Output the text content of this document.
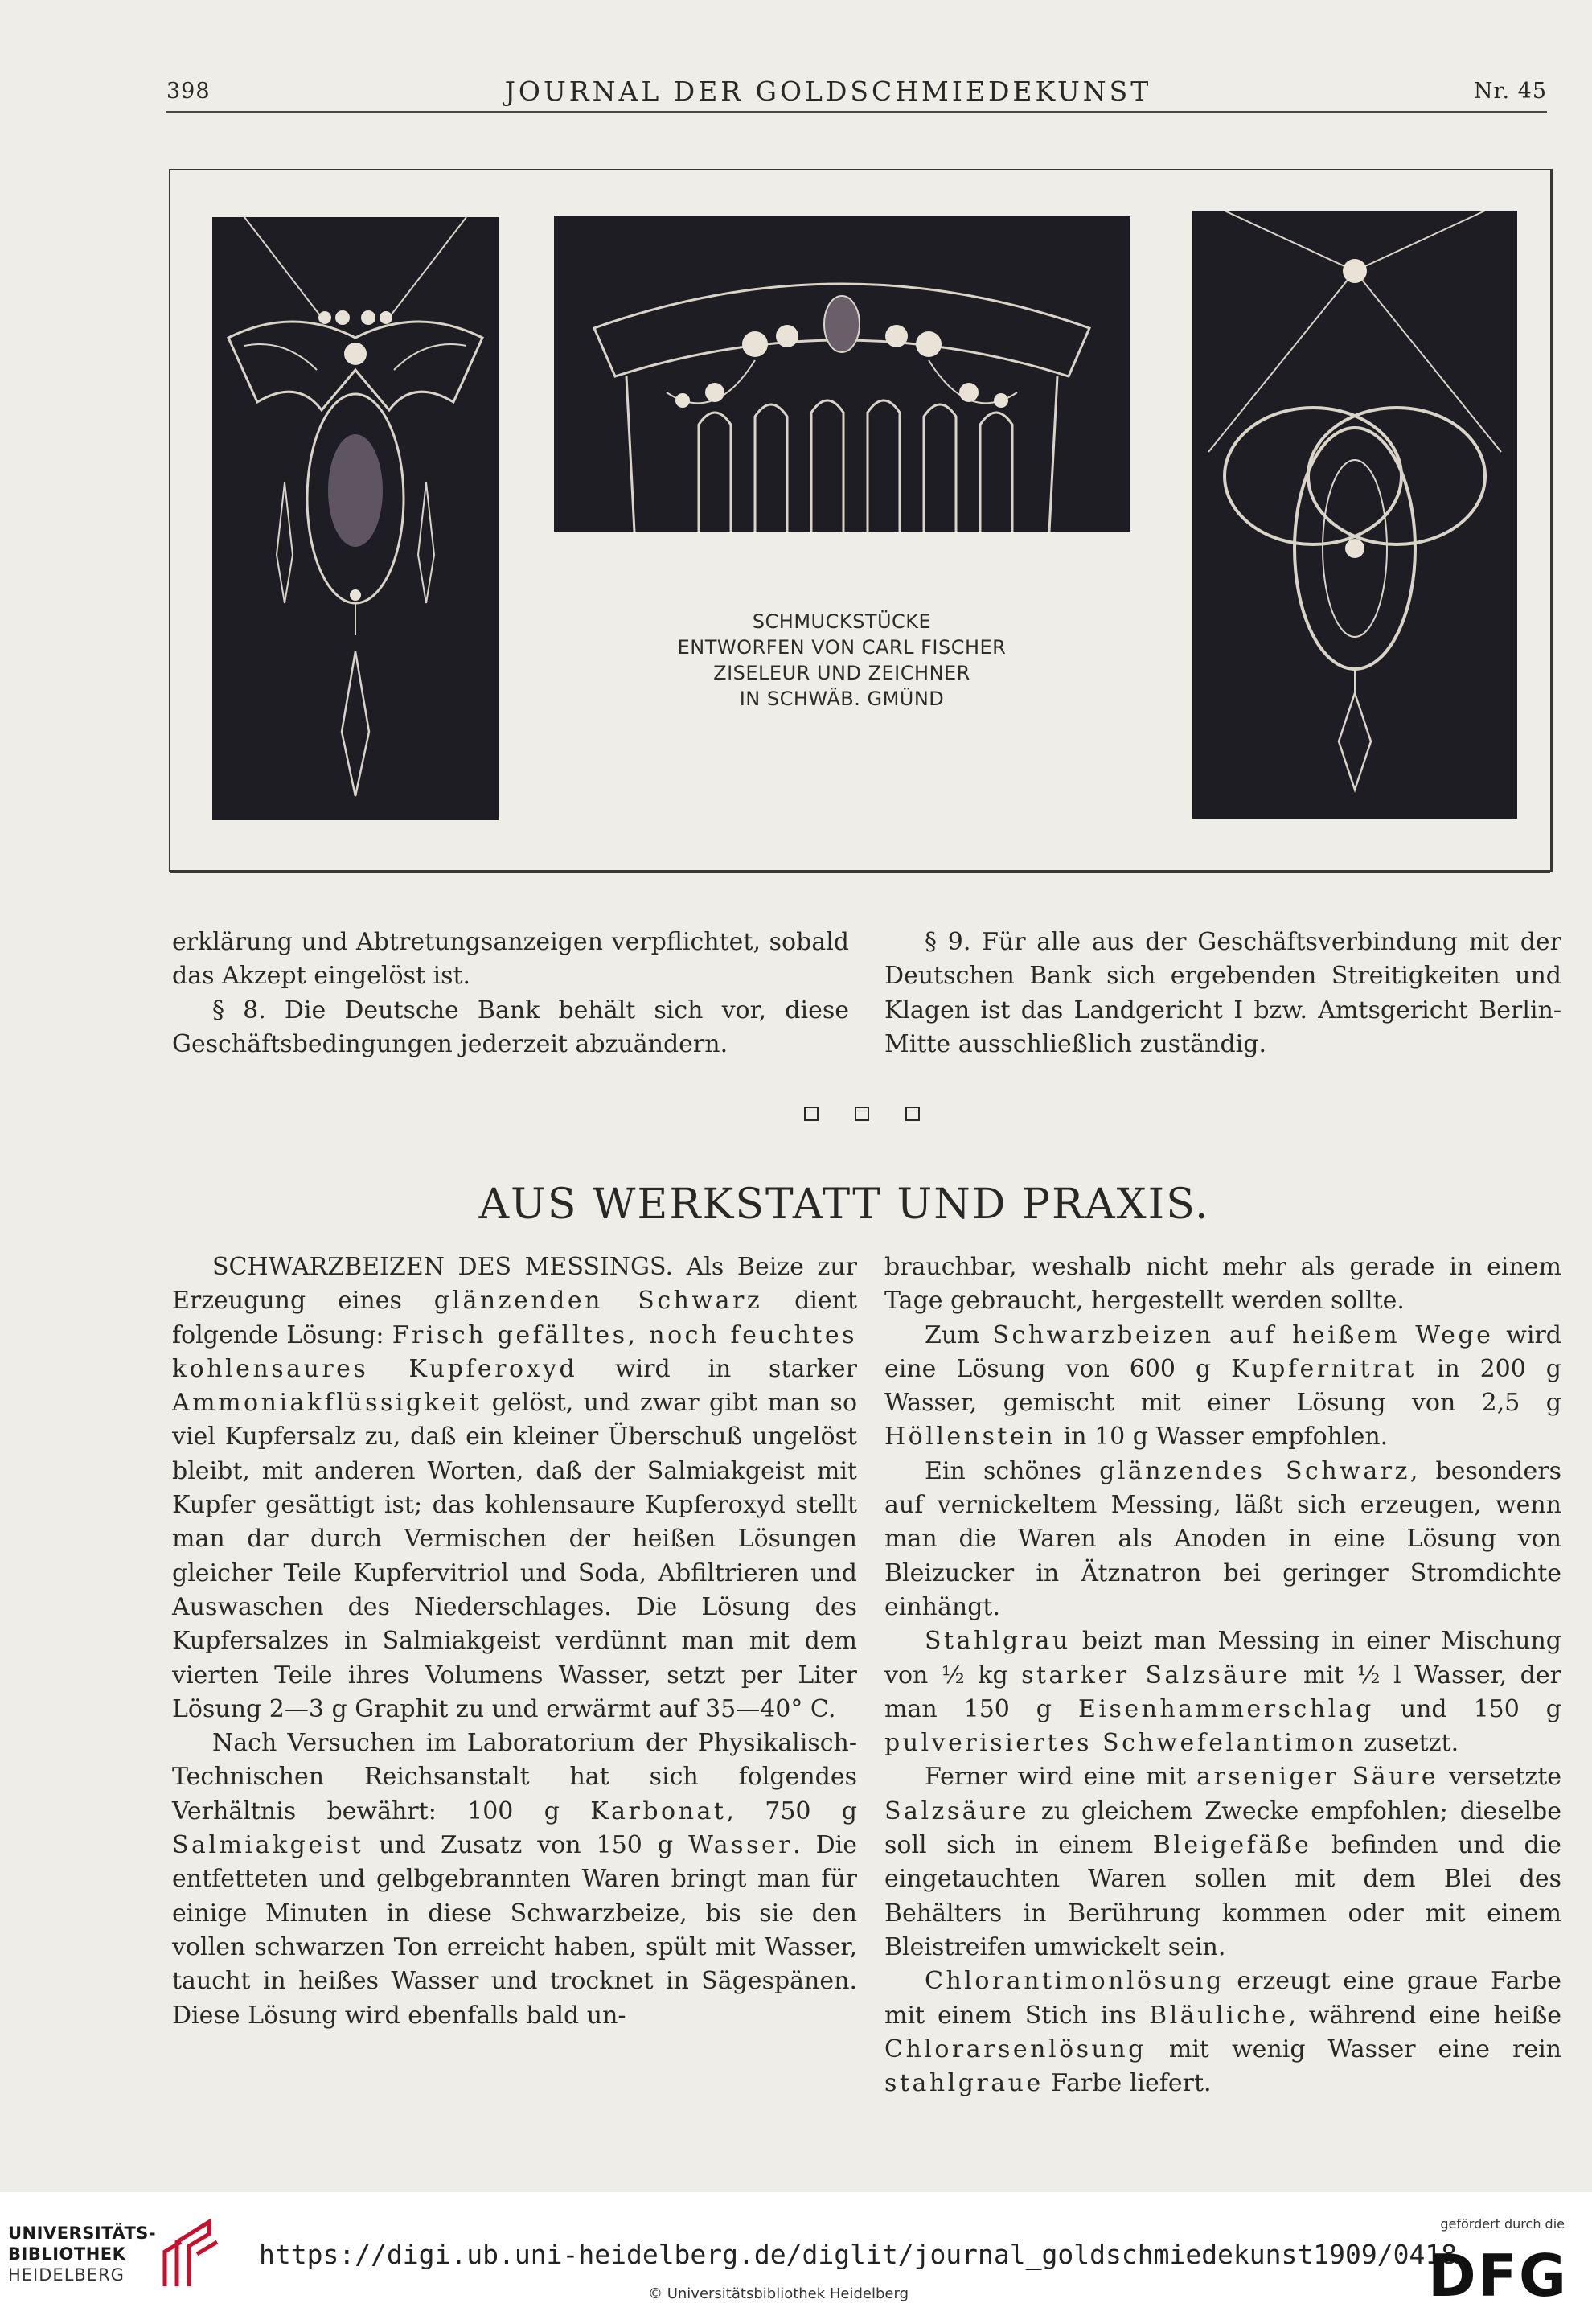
398	JOURNAL DER GOLDSCHMIEDEKUNST	Nr. 45
SCHMUCKSTÜCKE
ENTWORFEN VON CARL FISCHER
ZISELEUR UND ZEICHNER
IN SCHWÄB. GMÜND

erklärung und Abtretungsanzeigen verpflichtet, sobald das Akzept eingelöst ist.

§ 8. Die Deutsche Bank behält sich vor, diese Geschäftsbedingungen jederzeit abzuändern.

§ 9. Für alle aus der Geschäftsverbindung mit der Deutschen Bank sich ergebenden Streitigkeiten und Klagen ist das Landgericht I bzw. Amtsgericht Berlin-Mitte ausschließlich zuständig.

AUS WERKSTATT UND PRAXIS.

SCHWARZBEIZEN DES MESSINGS. Als Beize zur Erzeugung eines glänzenden Schwarz dient folgende Lösung: Frisch gefälltes, noch feuchtes kohlensaures Kupferoxyd wird in starker Ammoniakflüssigkeit gelöst, und zwar gibt man so viel Kupfersalz zu, daß ein kleiner Überschuß ungelöst bleibt, mit anderen Worten, daß der Salmiakgeist mit Kupfer gesättigt ist; das kohlensaure Kupferoxyd stellt man dar durch Vermischen der heißen Lösungen gleicher Teile Kupfervitriol und Soda, Abfiltrieren und Auswaschen des Niederschlages. Die Lösung des Kupfersalzes in Salmiakgeist verdünnt man mit dem vierten Teile ihres Volumens Wasser, setzt per Liter Lösung 2—3 g Graphit zu und erwärmt auf 35—40° C.

Nach Versuchen im Laboratorium der Physikalisch-Technischen Reichsanstalt hat sich folgendes Verhältnis bewährt: 100 g Karbonat, 750 g Salmiakgeist und Zusatz von 150 g Wasser. Die entfetteten und gelbgebrannten Waren bringt man für einige Minuten in diese Schwarzbeize, bis sie den vollen schwarzen Ton erreicht haben, spült mit Wasser, taucht in heißes Wasser und trocknet in Sägespänen. Diese Lösung wird ebenfalls bald un-

brauchbar, weshalb nicht mehr als gerade in einem Tage gebraucht, hergestellt werden sollte.

Zum Schwarzbeizen auf heißem Wege wird eine Lösung von 600 g Kupfernitrat in 200 g Wasser, gemischt mit einer Lösung von 2,5 g Höllenstein in 10 g Wasser empfohlen.

Ein schönes glänzendes Schwarz, besonders auf vernickeltem Messing, läßt sich erzeugen, wenn man die Waren als Anoden in eine Lösung von Bleizucker in Ätznatron bei geringer Stromdichte einhängt.

Stahlgrau beizt man Messing in einer Mischung von ½ kg starker Salzsäure mit ½ l Wasser, der man 150 g Eisenhammerschlag und 150 g pulverisiertes Schwefelantimon zusetzt.

Ferner wird eine mit arseniger Säure versetzte Salzsäure zu gleichem Zwecke empfohlen; dieselbe soll sich in einem Bleigefäße befinden und die eingetauchten Waren sollen mit dem Blei des Behälters in Berührung kommen oder mit einem Bleistreifen umwickelt sein.

Chlorantimonlösung erzeugt eine graue Farbe mit einem Stich ins Bläuliche, während eine heiße Chlorarsenlösung mit wenig Wasser eine rein stahlgraue Farbe liefert.

UNIVERSITÄTS-
BIBLIOTHEK
HEIDELBERG
https://digi.ub.uni-heidelberg.de/diglit/journal_goldschmiedekunst1909/0418
© Universitätsbibliothek Heidelberg
gefördert durch die
DFG
